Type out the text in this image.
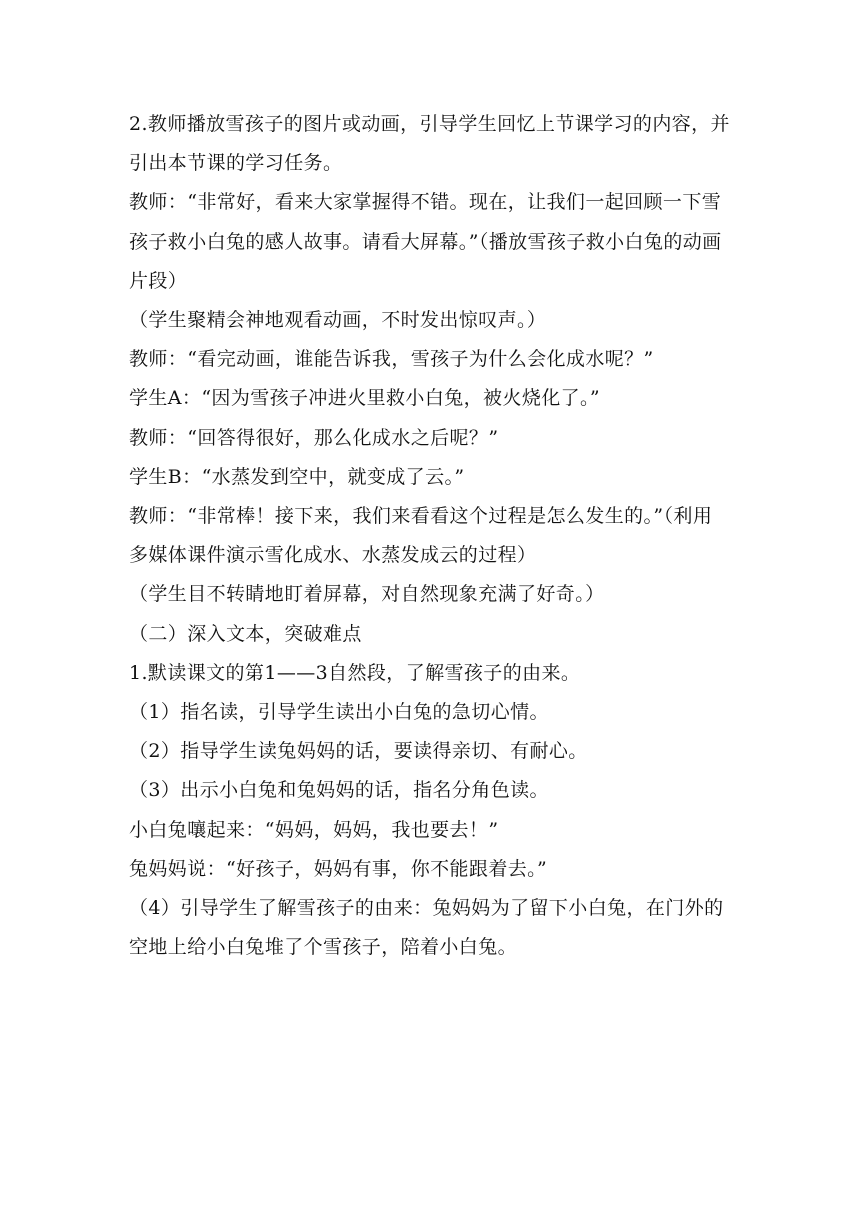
2.教师播放雪孩子的图片或动画，引导学生回忆上节课学习的内容，并引出本节课的学习任务。

教师：“非常好，看来大家掌握得不错。现在，让我们一起回顾一下雪孩子救小白兔的感人故事。请看大屏幕。”（播放雪孩子救小白兔的动画片段）

（学生聚精会神地观看动画，不时发出惊叹声。）

教师：“看完动画，谁能告诉我，雪孩子为什么会化成水呢？”

学生A：“因为雪孩子冲进火里救小白兔，被火烧化了。”

教师：“回答得很好，那么化成水之后呢？”

学生B：“水蒸发到空中，就变成了云。”

教师：“非常棒！接下来，我们来看看这个过程是怎么发生的。”（利用多媒体课件演示雪化成水、水蒸发成云的过程）

（学生目不转睛地盯着屏幕，对自然现象充满了好奇。）

（二）深入文本，突破难点

1.默读课文的第1——3自然段，了解雪孩子的由来。

（1）指名读，引导学生读出小白兔的急切心情。

（2）指导学生读兔妈妈的话，要读得亲切、有耐心。

（3）出示小白兔和兔妈妈的话，指名分角色读。

小白兔嚷起来：“妈妈，妈妈，我也要去！”

兔妈妈说：“好孩子，妈妈有事，你不能跟着去。”

（4）引导学生了解雪孩子的由来：兔妈妈为了留下小白兔，在门外的空地上给小白兔堆了个雪孩子，陪着小白兔。
